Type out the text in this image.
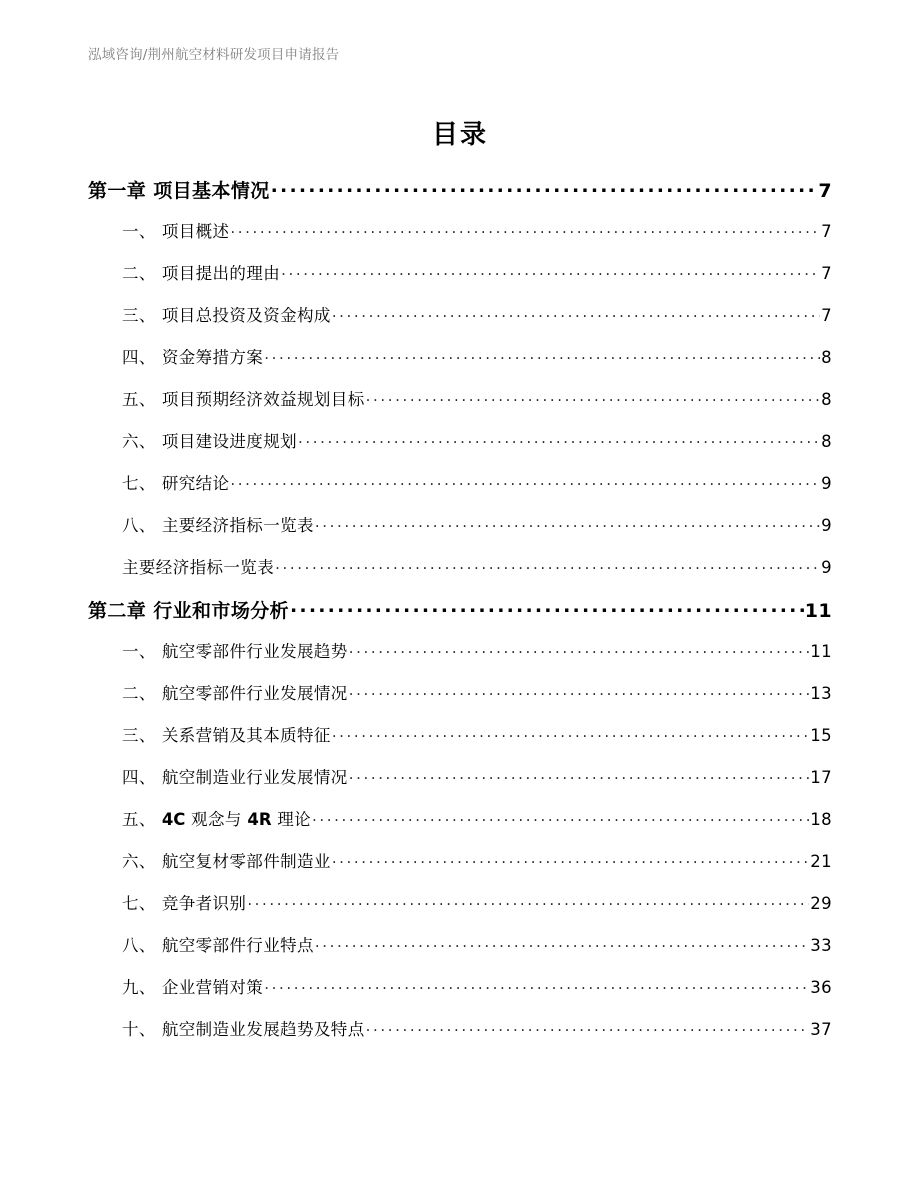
泓域咨询/荆州航空材料研发项目申请报告
目录
第一章 项目基本情况 .....	7
一、 项目概述 .....	7
二、 项目提出的理由 .....	7
三、 项目总投资及资金构成 .....	7
四、 资金筹措方案 .....	8
五、 项目预期经济效益规划目标 .....	8
六、 项目建设进度规划 .....	8
七、 研究结论 .....	9
八、 主要经济指标一览表 .....	9
主要经济指标一览表 .....	9
第二章 行业和市场分析 .....	11
一、 航空零部件行业发展趋势 .....	11
二、 航空零部件行业发展情况 .....	13
三、 关系营销及其本质特征 .....	15
四、 航空制造业行业发展情况 .....	17
五、 4C 观念与 4R 理论 .....	18
六、 航空复材零部件制造业 .....	21
七、 竞争者识别 .....	29
八、 航空零部件行业特点 .....	33
九、 企业营销对策 .....	36
十、 航空制造业发展趋势及特点 .....	37
